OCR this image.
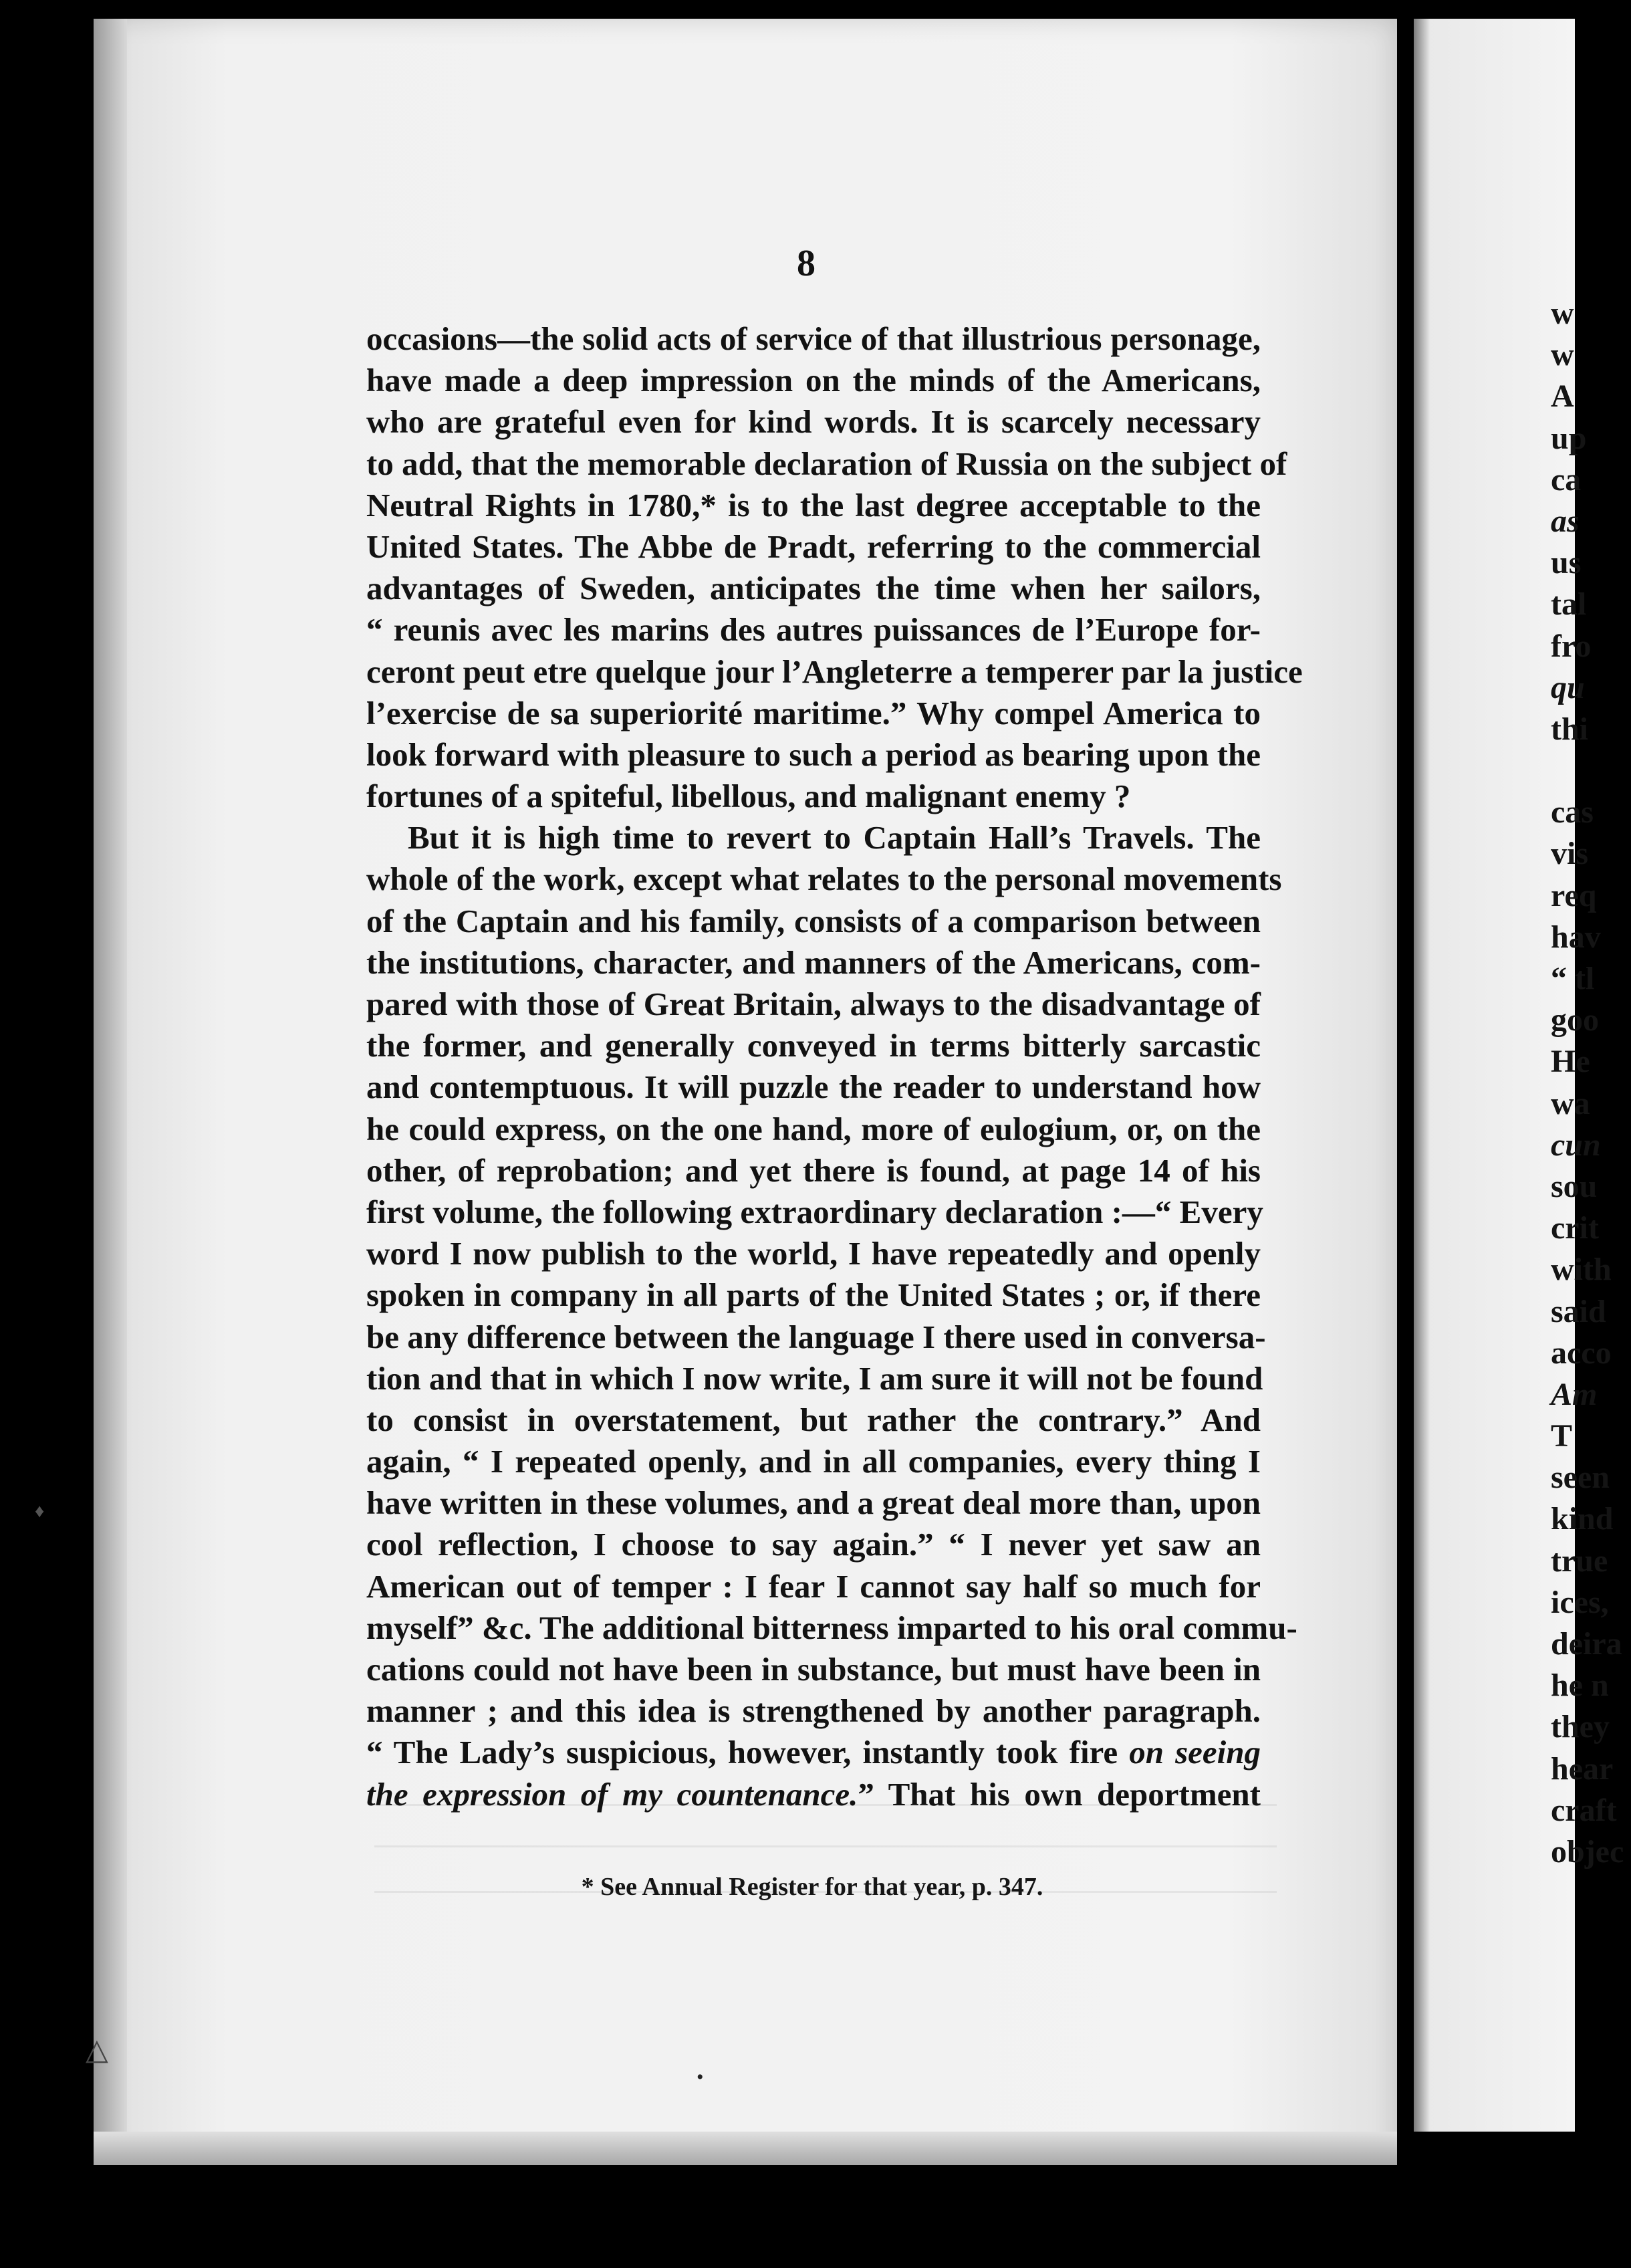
△
•
♦
8
occasions—the solid acts of service of that illustrious personage,
have made a deep impression on the minds of the Americans,
who are grateful even for kind words. It is scarcely necessary
to add, that the memorable declaration of Russia on the subject of
Neutral Rights in 1780,* is to the last degree acceptable to the
United States. The Abbe de Pradt, referring to the commercial
advantages of Sweden, anticipates the time when her sailors,
“ reunis avec les marins des autres puissances de l’Europe for-
ceront peut etre quelque jour l’Angleterre a temperer par la justice
l’exercise de sa superiorité maritime.” Why compel America to
look forward with pleasure to such a period as bearing upon the
fortunes of a spiteful, libellous, and malignant enemy ?
But it is high time to revert to Captain Hall’s Travels. The
whole of the work, except what relates to the personal movements
of the Captain and his family, consists of a comparison between
the institutions, character, and manners of the Americans, com-
pared with those of Great Britain, always to the disadvantage of
the former, and generally conveyed in terms bitterly sarcastic
and contemptuous. It will puzzle the reader to understand how
he could express, on the one hand, more of eulogium, or, on the
other, of reprobation; and yet there is found, at page 14 of his
first volume, the following extraordinary declaration :—“ Every
word I now publish to the world, I have repeatedly and openly
spoken in company in all parts of the United States ; or, if there
be any difference between the language I there used in conversa-
tion and that in which I now write, I am sure it will not be found
to consist in overstatement, but rather the contrary.” And
again, “ I repeated openly, and in all companies, every thing I
have written in these volumes, and a great deal more than, upon
cool reflection, I choose to say again.” “ I never yet saw an
American out of temper : I fear I cannot say half so much for
myself” &c. The additional bitterness imparted to his oral commu-
cations could not have been in substance, but must have been in
manner ; and this idea is strengthened by another paragraph.
“ The Lady’s suspicious, however, instantly took fire on seeing
the expression of my countenance.” That his own deportment
* See Annual Register for that year, p. 347.
w
w
A
up
ca
as
us
tal
fro
qu
thi
cas
vis
req
hav
“ tl
goo
He
wa
cun
sou
crit
with
said
acco
Am
T
seen
kind
true
ices,
deira
he n
they
hear
craft
objec
